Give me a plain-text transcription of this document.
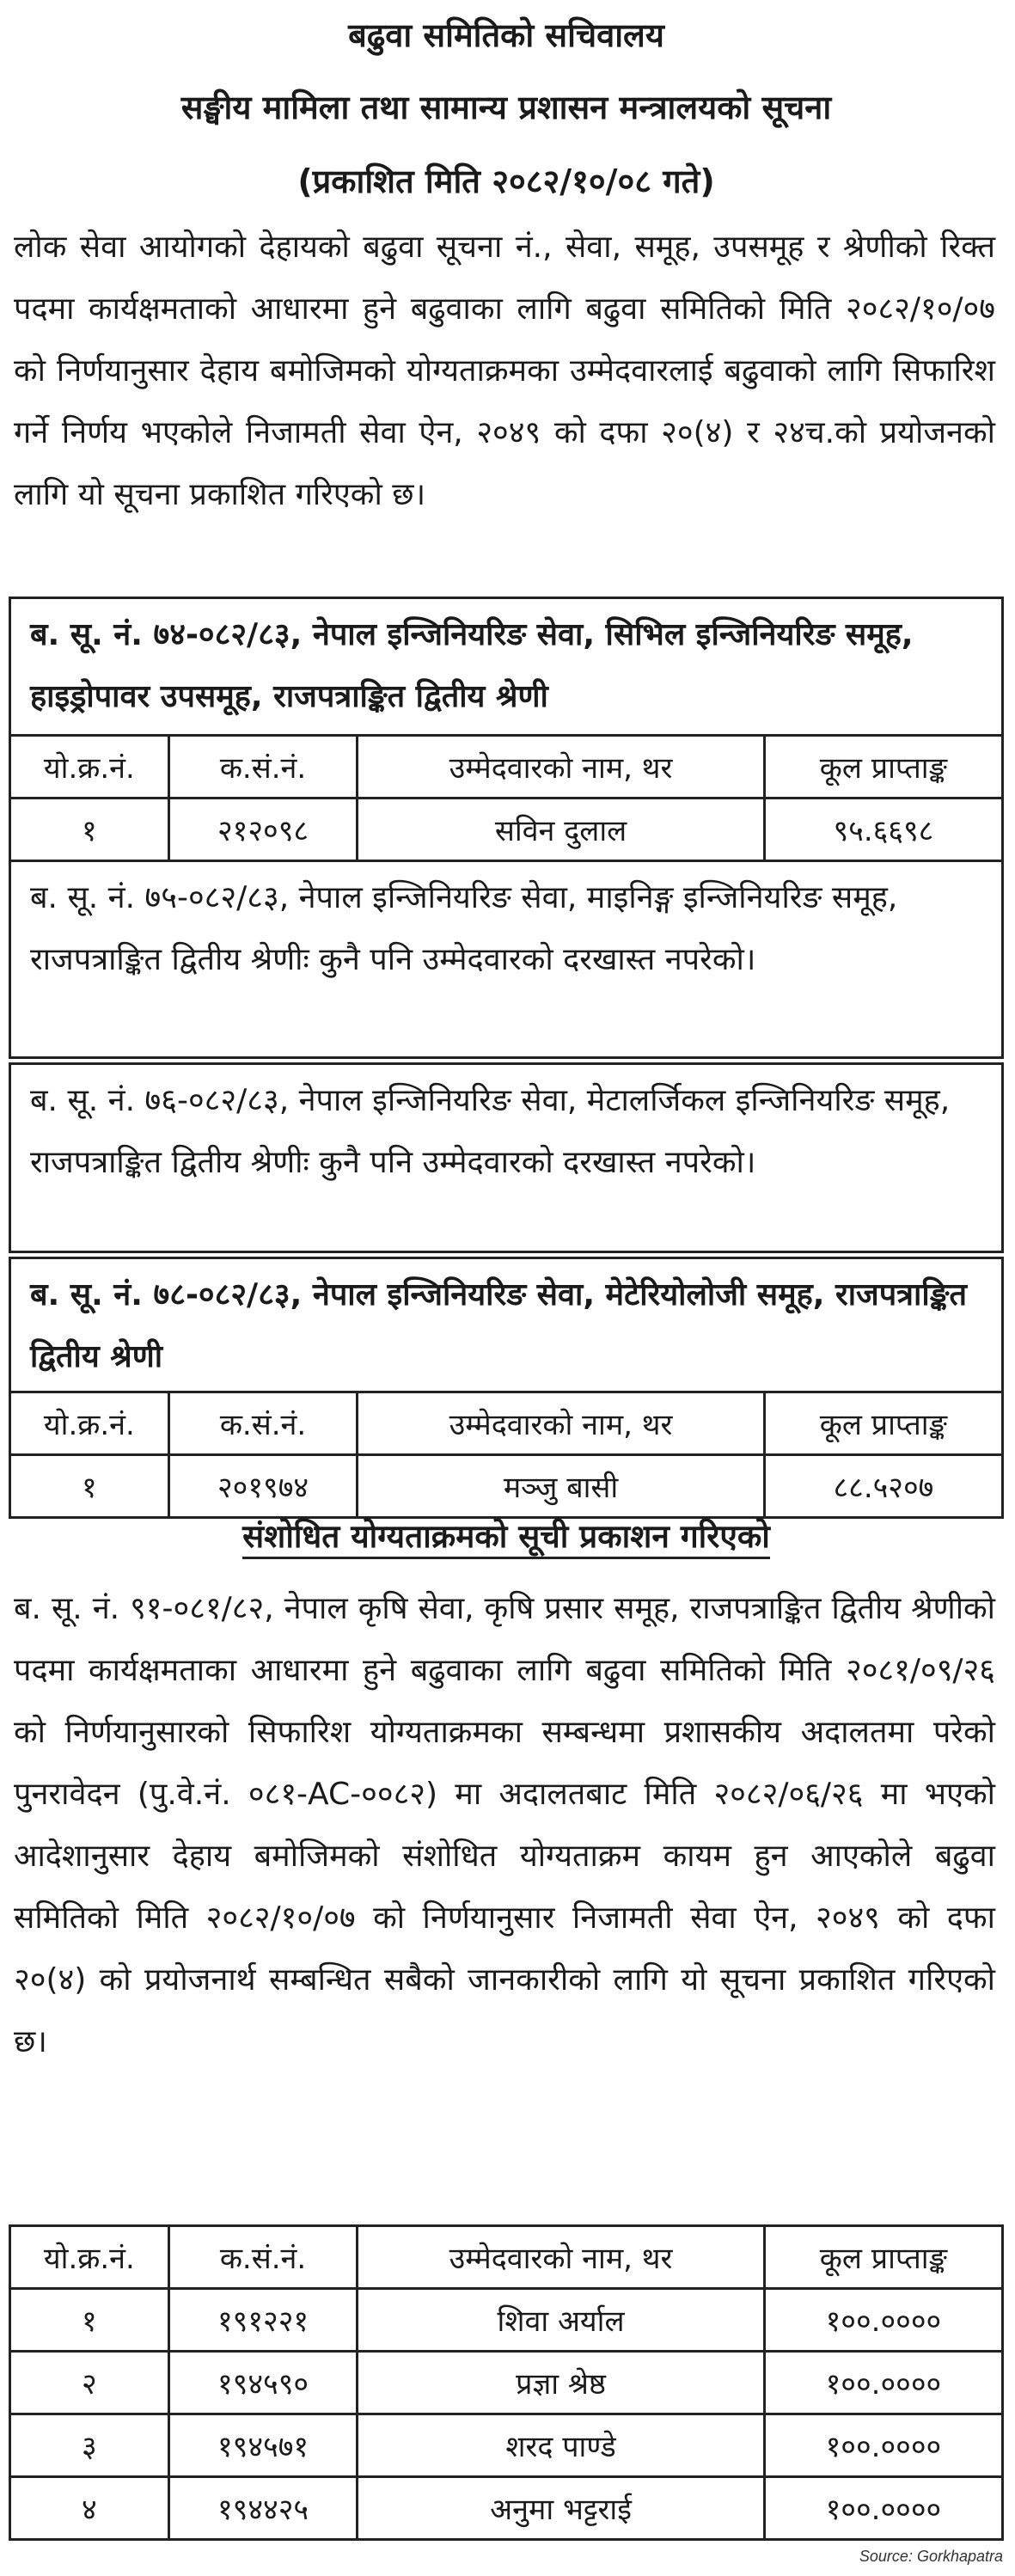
बढुवा समितिको सचिवालय
सङ्घीय मामिला तथा सामान्य प्रशासन मन्त्रालयको सूचना
(प्रकाशित मिति २०८२/१०/०८ गते)
लोक सेवा आयोगको देहायको बढुवा सूचना नं., सेवा, समूह, उपसमूह र श्रेणीको रिक्त पदमा कार्यक्षमताको आधारमा हुने बढुवाका लागि बढुवा समितिको मिति २०८२/१०/०७ को निर्णयानुसार देहाय बमोजिमको योग्यताक्रमका उम्मेदवारलाई बढुवाको लागि सिफारिश गर्ने निर्णय भएकोले निजामती सेवा ऐन, २०४९ को दफा २०(४) र २४च.को प्रयोजनको लागि यो सूचना प्रकाशित गरिएको छ।
ब. सू. नं. ७४-०८२/८३, नेपाल इन्जिनियरिङ सेवा, सिभिल इन्जिनियरिङ समूह, हाइड्रोपावर उपसमूह, राजपत्राङ्कित द्वितीय श्रेणी
यो.क्र.नं.	क.सं.नं.	उम्मेदवारको नाम, थर	कूल प्राप्ताङ्क
१	२१२०९८	सविन दुलाल	९५.६६९८
ब. सू. नं. ७५-०८२/८३, नेपाल इन्जिनियरिङ सेवा, माइनिङ्ग इन्जिनियरिङ समूह, राजपत्राङ्कित द्वितीय श्रेणीः कुनै पनि उम्मेदवारको दरखास्त नपरेको।
ब. सू. नं. ७६-०८२/८३, नेपाल इन्जिनियरिङ सेवा, मेटालर्जिकल इन्जिनियरिङ समूह, राजपत्राङ्कित द्वितीय श्रेणीः कुनै पनि उम्मेदवारको दरखास्त नपरेको।
ब. सू. नं. ७८-०८२/८३, नेपाल इन्जिनियरिङ सेवा, मेटेरियोलोजी समूह, राजपत्राङ्कित द्वितीय श्रेणी
यो.क्र.नं.	क.सं.नं.	उम्मेदवारको नाम, थर	कूल प्राप्ताङ्क
१	२०१९७४	मञ्जु बासी	८८.५२०७
संशोधित योग्यताक्रमको सूची प्रकाशन गरिएको
ब. सू. नं. ९१-०८१/८२, नेपाल कृषि सेवा, कृषि प्रसार समूह, राजपत्राङ्कित द्वितीय श्रेणीको पदमा कार्यक्षमताका आधारमा हुने बढुवाका लागि बढुवा समितिको मिति २०८१/०९/२६ को निर्णयानुसारको सिफारिश योग्यताक्रमका सम्बन्धमा प्रशासकीय अदालतमा परेको पुनरावेदन (पु.वे.नं. ०८१-AC-००८२) मा अदालतबाट मिति २०८२/०६/२६ मा भएको आदेशानुसार देहाय बमोजिमको संशोधित योग्यताक्रम कायम हुन आएकोले बढुवा समितिको मिति २०८२/१०/०७ को निर्णयानुसार निजामती सेवा ऐन, २०४९ को दफा २०(४) को प्रयोजनार्थ सम्बन्धित सबैको जानकारीको लागि यो सूचना प्रकाशित गरिएको छ।
यो.क्र.नं.	क.सं.नं.	उम्मेदवारको नाम, थर	कूल प्राप्ताङ्क
१	१९१२२१	शिवा अर्याल	१००.००००
२	१९४५९०	प्रज्ञा श्रेष्ठ	१००.००००
३	१९४५७१	शरद पाण्डे	१००.००००
४	१९४४२५	अनुमा भट्टराई	१००.००००
Source: Gorkhapatra
